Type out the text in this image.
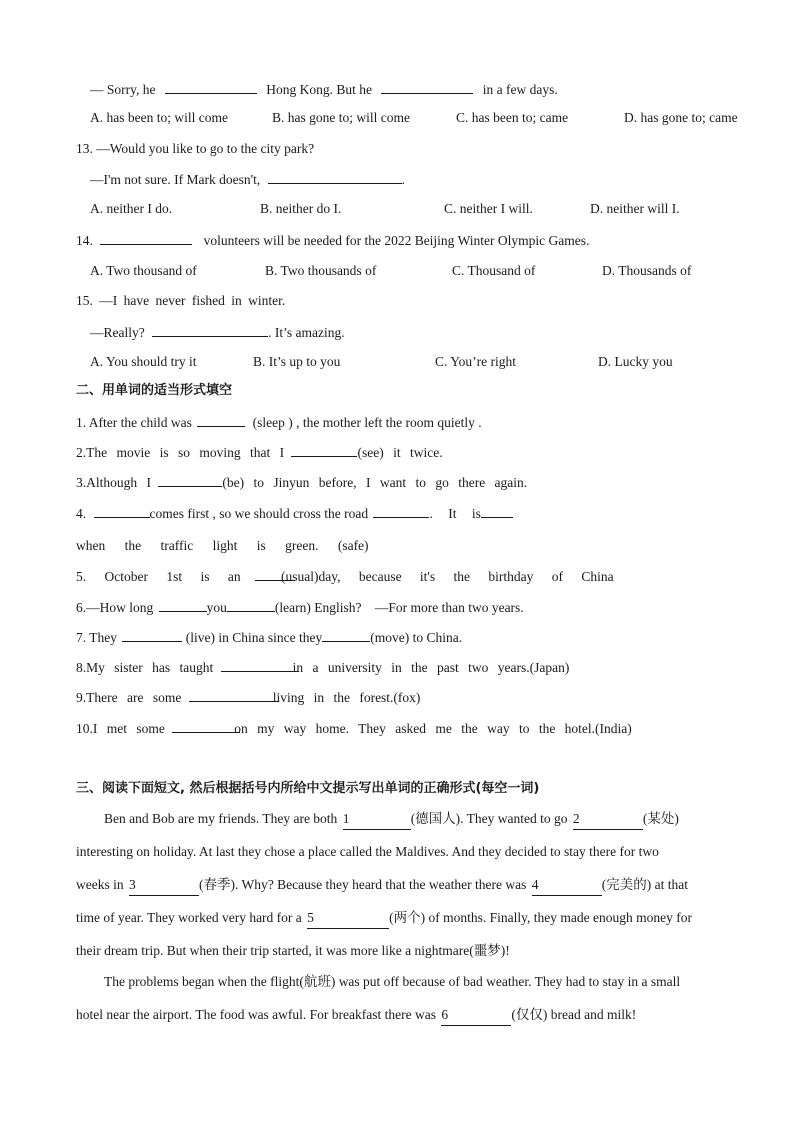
— Sorry, he	Hong Kong. But he	in a few days.
A. has been to; will come	B. has gone to; will come	C. has been to; came	D. has gone to; came
13. —Would you like to go to the city park?
—I'm not sure. If Mark doesn't,	.
A. neither I do.	B. neither do I.	C. neither I will.	D. neither will I.
14.	volunteers will be needed for the 2022 Beijing Winter Olympic Games.
A. Two thousand of	B. Two thousands of	C. Thousand of	D. Thousands of
15. —I have never fished in winter.
—Really?	. It’s amazing.
A. You should try it	B. It’s up to you	C. You’re right	D. Lucky you
二、用单词的适当形式填空
1. After the child was	(sleep ) , the mother left the room quietly .
2.The movie is so moving that I	(see) it twice.
3.Although I	(be) to Jinyun before, I want to go there again.
4.	comes first , so we should cross the road	. It is
when the traffic light is green. (safe)
5. October 1st is an	(usual)day, because it's the birthday of China
6.—How long	you	(learn) English? —For more than two years.
7. They	(live) in China since they	(move) to China.
8.My sister has taught	in a university in the past two years.(Japan)
9.There are some	living in the forest.(fox)
10.I met some	on my way home. They asked me the way to the hotel.(India)
三、阅读下面短文, 然后根据括号内所给中文提示写出单词的正确形式(每空一词)
Ben and Bob are my friends. They are both 1	(德国人). They wanted to go 2	(某处)
interesting on holiday. At last they chose a place called the Maldives. And they decided to stay there for two
weeks in 3	(春季). Why? Because they heard that the weather there was 4	(完美的) at that
time of year. They worked very hard for a 5	(两个) of months. Finally, they made enough money for
their dream trip. But when their trip started, it was more like a nightmare(噩梦)!
The problems began when the flight(航班) was put off because of bad weather. They had to stay in a small
hotel near the airport. The food was awful. For breakfast there was 6	(仅仅) bread and milk!
